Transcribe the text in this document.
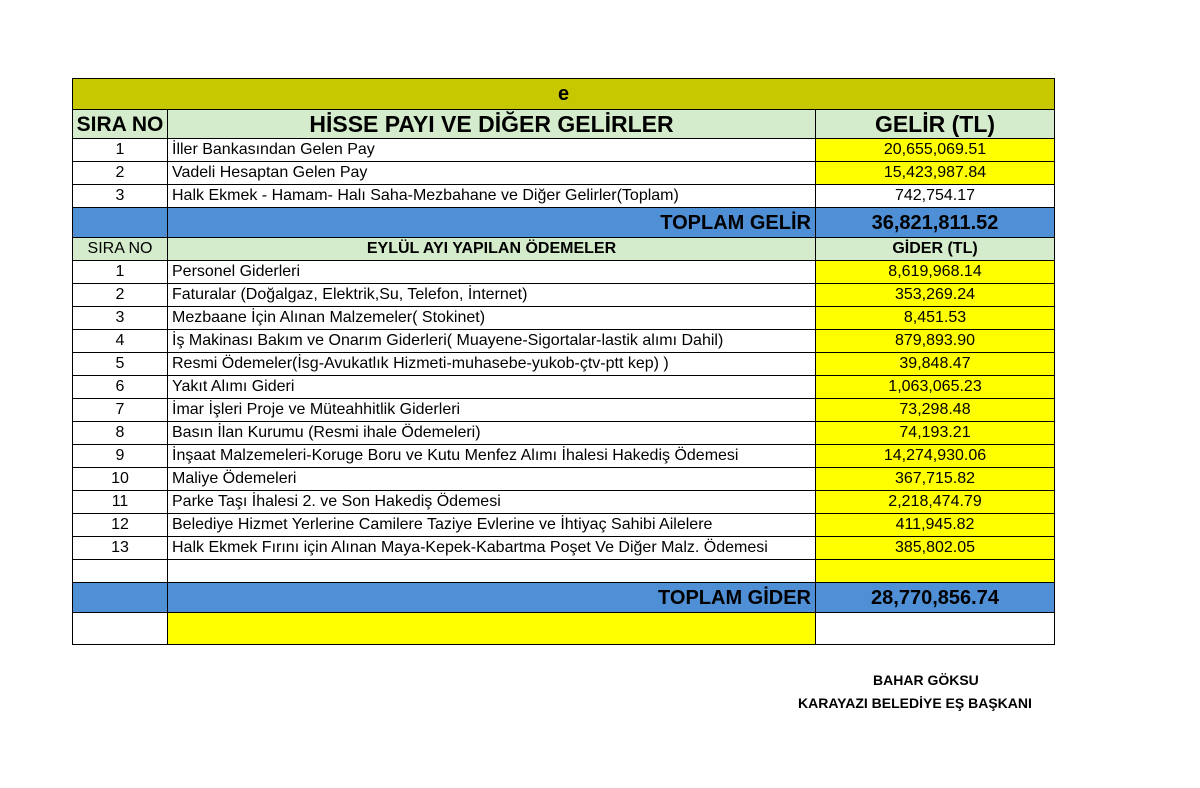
e		
SIRA NO	HİSSE PAYI VE DİĞER GELİRLER	GELİR (TL)
1	İller Bankasından Gelen Pay	20,655,069.51
2	Vadeli Hesaptan Gelen Pay	15,423,987.84
3	Halk Ekmek - Hamam- Halı Saha-Mezbahane ve Diğer Gelirler(Toplam)	742,754.17
	TOPLAM GELİR	36,821,811.52
SIRA NO	EYLÜL AYI YAPILAN ÖDEMELER	GİDER (TL)
1	Personel Giderleri	8,619,968.14
2	Faturalar (Doğalgaz, Elektrik,Su, Telefon, İnternet)	353,269.24
3	Mezbaane İçin Alınan Malzemeler( Stokinet)	8,451.53
4	İş Makinası Bakım ve Onarım Giderleri( Muayene-Sigortalar-lastik alımı Dahil)	879,893.90
5	Resmi Ödemeler(İsg-Avukatlık Hizmeti-muhasebe-yukob-çtv-ptt kep) )	39,848.47
6	Yakıt Alımı Gideri	1,063,065.23
7	İmar İşleri Proje ve Müteahhitlik Giderleri	73,298.48
8	Basın İlan Kurumu (Resmi ihale Ödemeleri)	74,193.21
9	İnşaat Malzemeleri-Koruge Boru ve Kutu Menfez Alımı İhalesi Hakediş Ödemesi	14,274,930.06
10	Maliye Ödemeleri	367,715.82
11	Parke Taşı İhalesi 2. ve Son Hakediş Ödemesi	2,218,474.79
12	Belediye Hizmet Yerlerine Camilere Taziye Evlerine ve İhtiyaç Sahibi Ailelere	411,945.82
13	Halk Ekmek Fırını için Alınan Maya-Kepek-Kabartma Poşet Ve Diğer Malz. Ödemesi	385,802.05

	TOPLAM GİDER	28,770,856.74

BAHAR GÖKSU
KARAYAZI BELEDİYE EŞ BAŞKANI
